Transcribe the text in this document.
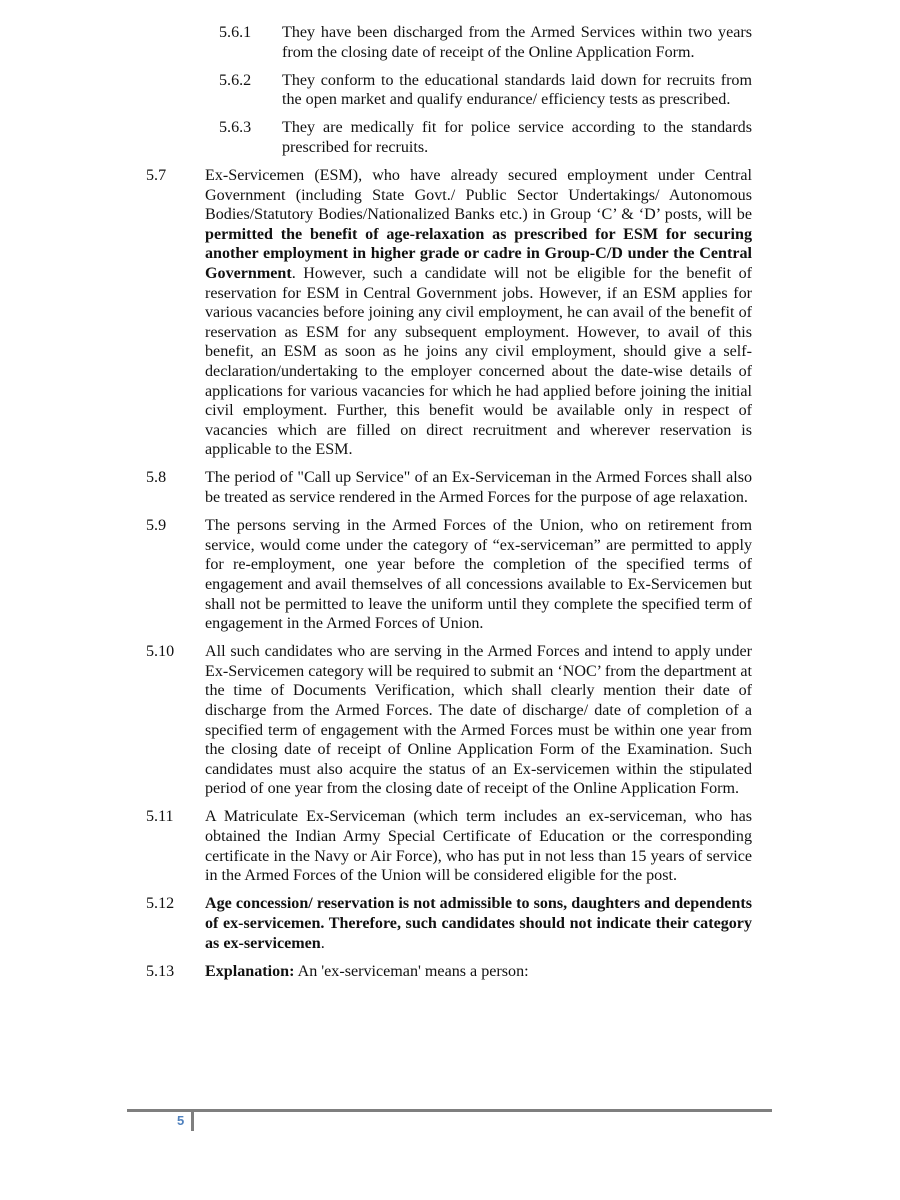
5.6.1	They have been discharged from the Armed Services within two years from the closing date of receipt of the Online Application Form.
5.6.2	They conform to the educational standards laid down for recruits from the open market and qualify endurance/ efficiency tests as prescribed.
5.6.3	They are medically fit for police service according to the standards prescribed for recruits.
5.7	Ex-Servicemen (ESM), who have already secured employment under Central Government (including State Govt./ Public Sector Undertakings/ Autonomous Bodies/Statutory Bodies/Nationalized Banks etc.) in Group ‘C’ & ‘D’ posts, will be permitted the benefit of age-relaxation as prescribed for ESM for securing another employment in higher grade or cadre in Group-C/D under the Central Government. However, such a candidate will not be eligible for the benefit of reservation for ESM in Central Government jobs. However, if an ESM applies for various vacancies before joining any civil employment, he can avail of the benefit of reservation as ESM for any subsequent employment. However, to avail of this benefit, an ESM as soon as he joins any civil employment, should give a self-declaration/undertaking to the employer concerned about the date-wise details of applications for various vacancies for which he had applied before joining the initial civil employment. Further, this benefit would be available only in respect of vacancies which are filled on direct recruitment and wherever reservation is applicable to the ESM.
5.8	The period of "Call up Service" of an Ex-Serviceman in the Armed Forces shall also be treated as service rendered in the Armed Forces for the purpose of age relaxation.
5.9	The persons serving in the Armed Forces of the Union, who on retirement from service, would come under the category of “ex-serviceman” are permitted to apply for re-employment, one year before the completion of the specified terms of engagement and avail themselves of all concessions available to Ex-Servicemen but shall not be permitted to leave the uniform until they complete the specified term of engagement in the Armed Forces of Union.
5.10	All such candidates who are serving in the Armed Forces and intend to apply under Ex-Servicemen category will be required to submit an ‘NOC’ from the department at the time of Documents Verification, which shall clearly mention their date of discharge from the Armed Forces. The date of discharge/ date of completion of a specified term of engagement with the Armed Forces must be within one year from the closing date of receipt of Online Application Form of the Examination. Such candidates must also acquire the status of an Ex-servicemen within the stipulated period of one year from the closing date of receipt of the Online Application Form.
5.11	A Matriculate Ex-Serviceman (which term includes an ex-serviceman, who has obtained the Indian Army Special Certificate of Education or the corresponding certificate in the Navy or Air Force), who has put in not less than 15 years of service in the Armed Forces of the Union will be considered eligible for the post.
5.12	Age concession/ reservation is not admissible to sons, daughters and dependents of ex-servicemen. Therefore, such candidates should not indicate their category as ex-servicemen.
5.13	Explanation: An 'ex-serviceman' means a person:
5
